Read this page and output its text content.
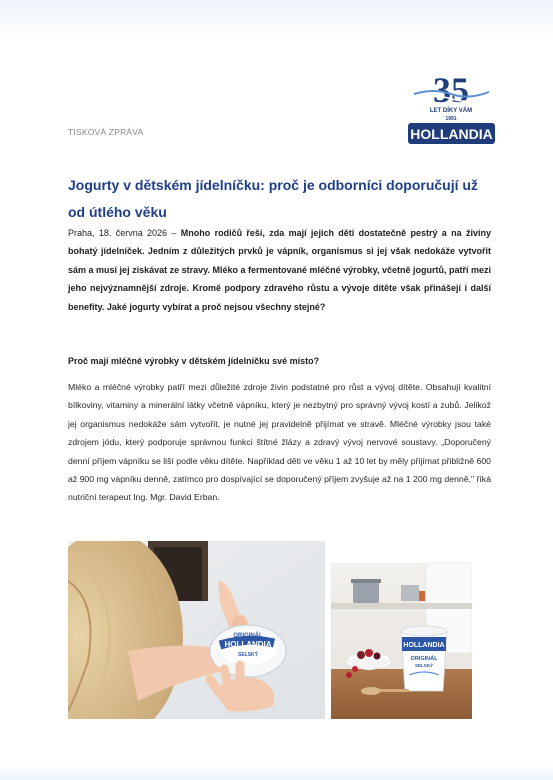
TISKOVÁ ZPRÁVA
35
LET DÍKY VÁM
1991
HOLLANDIA
Jogurty v dětském jídelníčku: proč je odborníci doporučují už od útlého věku

Praha, 18. června 2026 – Mnoho rodičů řeší, zda mají jejich děti dostatečně pestrý a na živiny bohatý jídelníček. Jedním z důležitých prvků je vápník, organismus si jej však nedokáže vytvořit sám a musí jej získávat ze stravy. Mléko a fermentované mléčné výrobky, včetně jogurtů, patří mezi jeho nejvýznamnější zdroje. Kromě podpory zdravého růstu a vývoje dítěte však přinášejí i další benefity. Jaké jogurty vybírat a proč nejsou všechny stejné?

Proč mají mléčné výrobky v dětském jídelníčku své místo?

Mléko a mléčné výrobky patří mezi důležité zdroje živin podstatné pro růst a vývoj dítěte. Obsahují kvalitní bílkoviny, vitaminy a minerální látky včetně vápníku, který je nezbytný pro správný vývoj kostí a zubů. Jelikož jej organismus nedokáže sám vytvořit, je nutné jej pravidelně přijímat ve stravě. Mléčné výrobky jsou také zdrojem jódu, který podporuje správnou funkci štítné žlázy a zdravý vývoj nervové soustavy. „Doporučený denní příjem vápníku se liší podle věku dítěte. Například děti ve věku 1 až 10 let by měly přijímat přibližně 600 až 900 mg vápníku denně, zatímco pro dospívající se doporučený příjem zvyšuje až na 1 200 mg denně," říká nutriční terapeut Ing. Mgr. David Erban.

ORIGINÁL
HOLLANDIA
SELSKÝ
HOLLANDIA
ORIGINÁL
SELSKÝ
